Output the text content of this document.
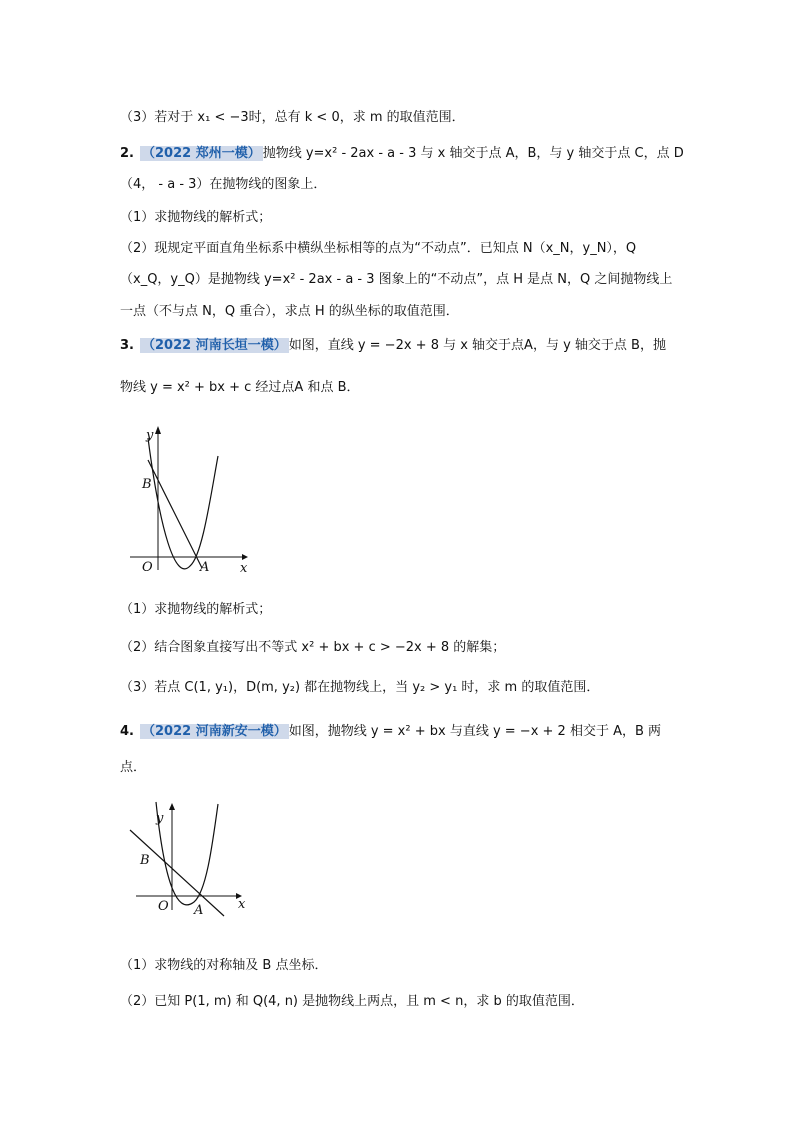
（3）若对于 x₁ < −3时，总有 k < 0，求 m 的取值范围．
2. （2022 郑州一模） 抛物线 y=x² - 2ax - a - 3 与 x 轴交于点 A，B，与 y 轴交于点 C，点 D
（4， - a - 3）在抛物线的图象上．
（1）求抛物线的解析式；
（2）现规定平面直角坐标系中横纵坐标相等的点为“不动点”．已知点 N（x_N，y_N），Q
（x_Q，y_Q）是抛物线 y=x² - 2ax - a - 3 图象上的“不动点”，点 H 是点 N，Q 之间抛物线上
一点（不与点 N，Q 重合），求点 H 的纵坐标的取值范围．
3. （2022 河南长垣一模） 如图，直线 y = −2x + 8 与 x 轴交于点A，与 y 轴交于点 B，抛
物线 y = x² + bx + c 经过点A 和点 B．
y
x
O	A
B
（1）求抛物线的解析式；
（2）结合图象直接写出不等式 x² + bx + c > −2x + 8 的解集；
（3）若点 C(1, y₁)，D(m, y₂) 都在抛物线上，当 y₂ > y₁ 时，求 m 的取值范围．
4. （2022 河南新安一模） 如图，抛物线 y = x² + bx 与直线 y = −x + 2 相交于 A，B 两
点．
y
x
O A
B
（1）求物线的对称轴及 B 点坐标．
（2）已知 P(1, m) 和 Q(4, n) 是抛物线上两点，且 m < n，求 b 的取值范围．
